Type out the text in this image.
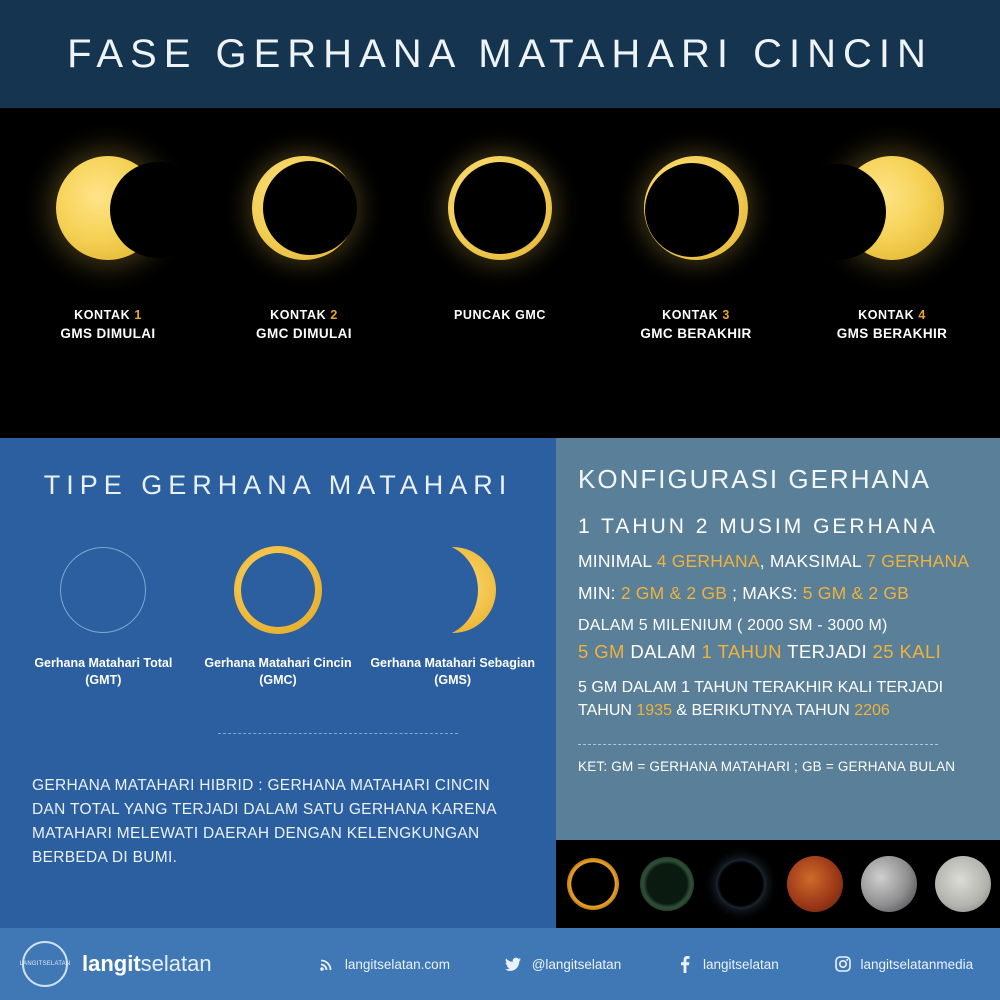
FASE GERHANA MATAHARI CINCIN
KONTAK 1
GMS DIMULAI
KONTAK 2
GMC DIMULAI
PUNCAK GMC	KONTAK 3
GMC BERAKHIR
KONTAK 4
GMS BERAKHIR
TIPE GERHANA MATAHARI
Gerhana Matahari Total
(GMT)
Gerhana Matahari Cincin
(GMC)
Gerhana Matahari Sebagian
(GMS)
GERHANA MATAHARI HIBRID : GERHANA MATAHARI CINCIN DAN TOTAL YANG TERJADI DALAM SATU GERHANA KARENA MATAHARI MELEWATI DAERAH DENGAN KELENGKUNGAN BERBEDA DI BUMI.
KONFIGURASI GERHANA
1 TAHUN 2 MUSIM GERHANA
MINIMAL 4 GERHANA, MAKSIMAL 7 GERHANA
MIN: 2 GM & 2 GB ; MAKS: 5 GM & 2 GB
DALAM 5 MILENIUM ( 2000 SM - 3000 M)
5 GM DALAM 1 TAHUN TERJADI 25 KALI
5 GM DALAM 1 TAHUN TERAKHIR KALI TERJADI TAHUN 1935 & BERIKUTNYA TAHUN 2206
KET: GM = GERHANA MATAHARI ; GB = GERHANA BULAN
LANGITSELATAN langitselatan	langitselatan.com	@langitselatan	langitselatan	langitselatanmedia
